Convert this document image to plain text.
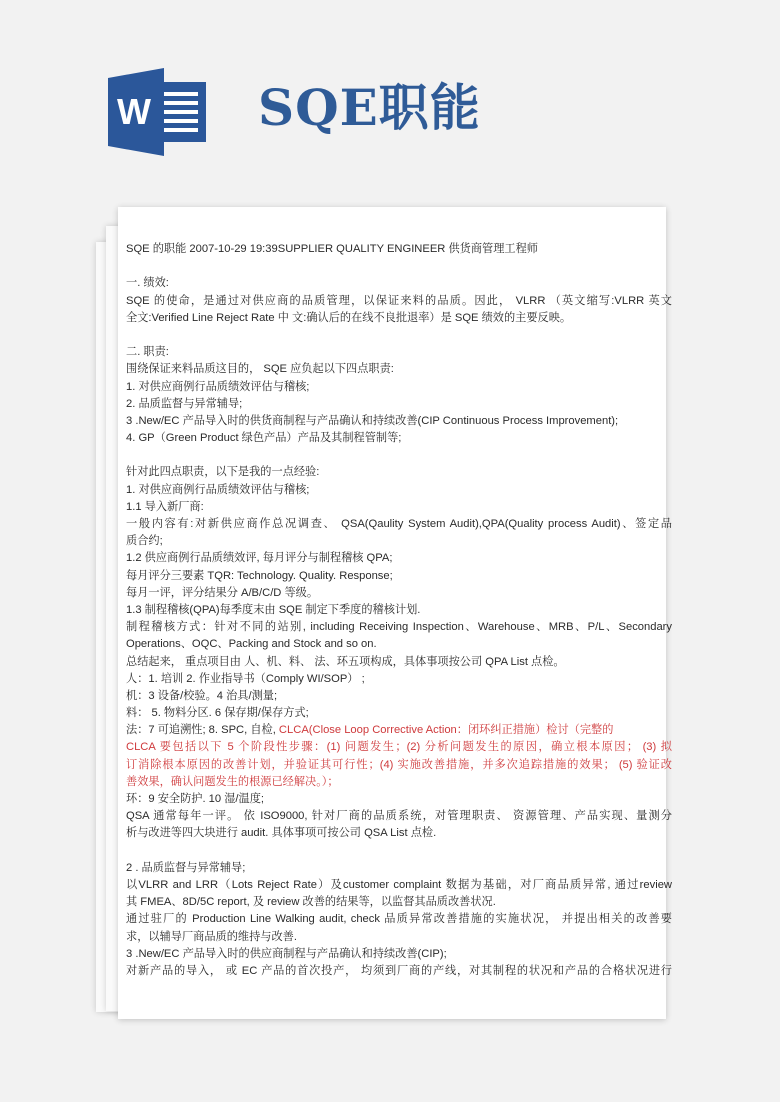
W SQE职能
SQE 的职能 2007-10-29 19:39SUPPLIER QUALITY ENGINEER 供货商管理工程师
一. 绩效:
SQE 的使命，是通过对供应商的品质管理，以保证来料的品质。因此， VLRR （英文缩写:VLRR 英文
全文:Verified Line Reject Rate 中 文:确认后的在线不良批退率）是 SQE 绩效的主要反映。
二. 职责:
围绕保证来料品质这目的， SQE 应负起以下四点职责:
1. 对供应商例行品质绩效评估与稽核;
2. 品质监督与异常辅导;
3 .New/EC 产品导入时的供货商制程与产品确认和持续改善(CIP Continuous Process Improvement);
4. GP（Green Product 绿色产品）产品及其制程管制等;
针对此四点职责，以下是我的一点经验:
1. 对供应商例行品质绩效评估与稽核;
1.1 导入新厂商:
一般内容有:对新供应商作总况调查、 QSA(Qaulity System Audit),QPA(Quality process Audit)、签定品
质合约;
1.2 供应商例行品质绩效评, 每月评分与制程稽核 QPA;
每月评分三要素 TQR: Technology. Quality. Response;
每月一评，评分结果分 A/B/C/D 等级。
1.3 制程稽核(QPA)每季度末由 SQE 制定下季度的稽核计划.
制程稽核方式：针对不同的站别, including Receiving Inspection、Warehouse、MRB、P/L、Secondary
Operations、OQC、Packing and Stock and so on.
总结起来， 重点项目由 人、机、料、 法、环五项构成，具体事项按公司 QPA List 点检。
人：1. 培训 2. 作业指导书（Comply WI/SOP） ;
机：3 设备/校验。4 治具/测量;
料： 5. 物料分区. 6 保存期/保存方式;
法：7 可追溯性; 8. SPC, 自检, CLCA(Close Loop Corrective Action：闭环纠正措施）检讨（完整的
CLCA 要包括以下 5 个阶段性步骤：(1) 问题发生；(2) 分析问题发生的原因，确立根本原因； (3) 拟
订消除根本原因的改善计划，并验证其可行性；(4) 实施改善措施，并多次追踪措施的效果； (5) 验证改
善效果，确认问题发生的根源已经解决。）；
环：9 安全防护. 10 湿/温度;
QSA 通常每年一评。 依 ISO9000, 针对厂商的品质系统，对管理职责、 资源管理、产品实现、量测分
析与改进等四大块进行 audit. 具体事项可按公司 QSA List 点检.
2 . 品质监督与异常辅导;
以VLRR and LRR（Lots Reject Rate）及customer complaint 数据为基础，对厂商品质异常, 通过review
其 FMEA、8D/5C report, 及 review 改善的结果等，以监督其品质改善状况.
通过驻厂的 Production Line Walking audit, check 品质异常改善措施的实施状况， 并提出相关的改善要
求，以辅导厂商品质的维持与改善.
3 .New/EC 产品导入时的供应商制程与产品确认和持续改善(CIP);
对新产品的导入， 或 EC 产品的首次投产， 均须到厂商的产线，对其制程的状况和产品的合格状况进行
